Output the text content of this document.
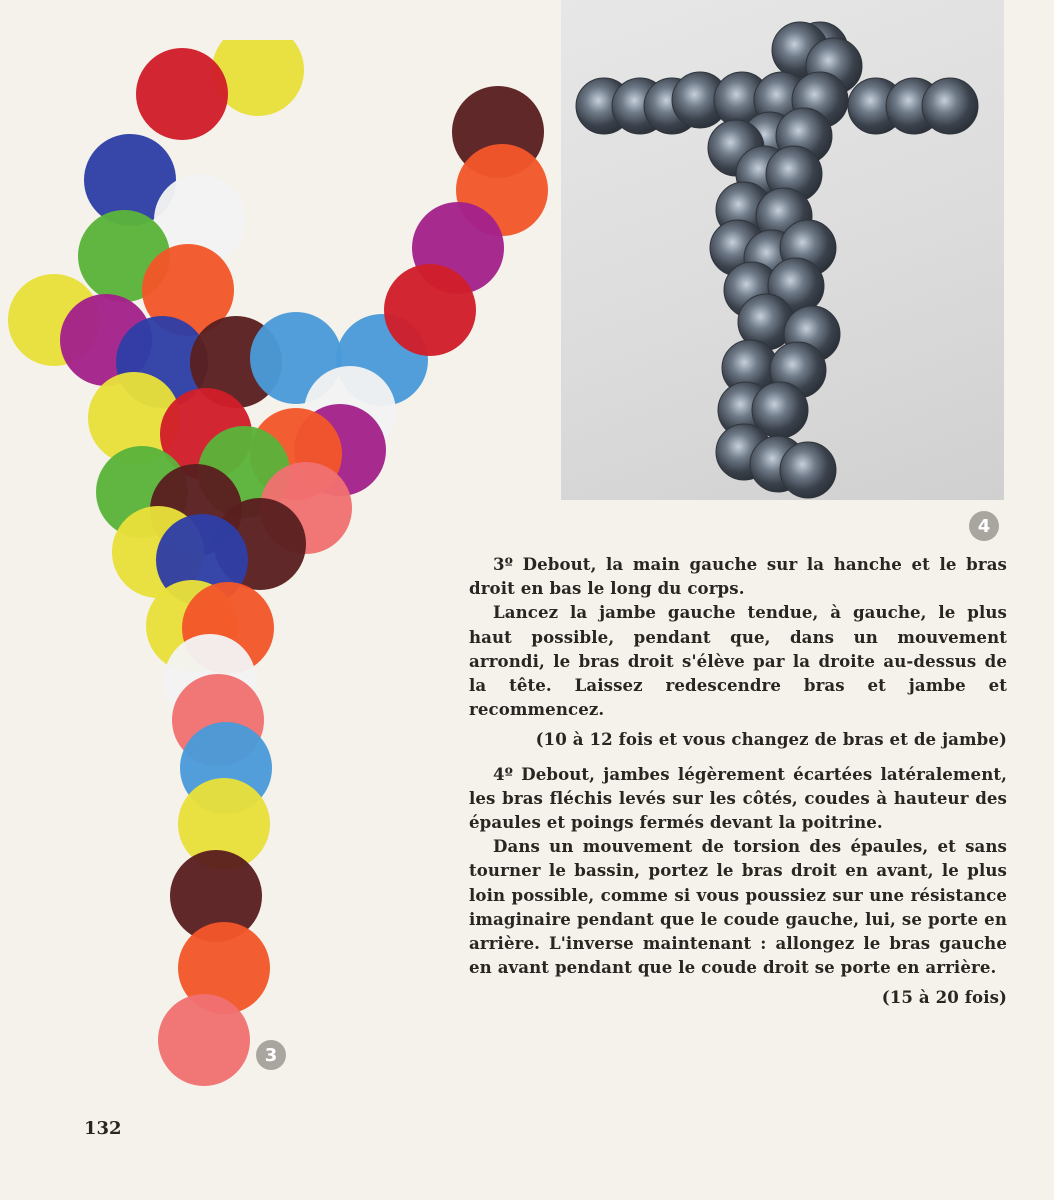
4
3

3º Debout, la main gauche sur la hanche et le bras droit en bas le long du corps.

Lancez la jambe gauche tendue, à gauche, le plus haut possible, pendant que, dans un mouvement arrondi, le bras droit s'élève par la droite au-dessus de la tête. Laissez redescendre bras et jambe et recommencez.

(10 à 12 fois et vous changez de bras et de jambe)

4º Debout, jambes légèrement écartées latéralement, les bras fléchis levés sur les côtés, coudes à hauteur des épaules et poings fermés devant la poitrine.

Dans un mouvement de torsion des épaules, et sans tourner le bassin, portez le bras droit en avant, le plus loin possible, comme si vous poussiez sur une résistance imaginaire pendant que le coude gauche, lui, se porte en arrière. L'inverse maintenant : allongez le bras gauche en avant pendant que le coude droit se porte en arrière.

(15 à 20 fois)

132
